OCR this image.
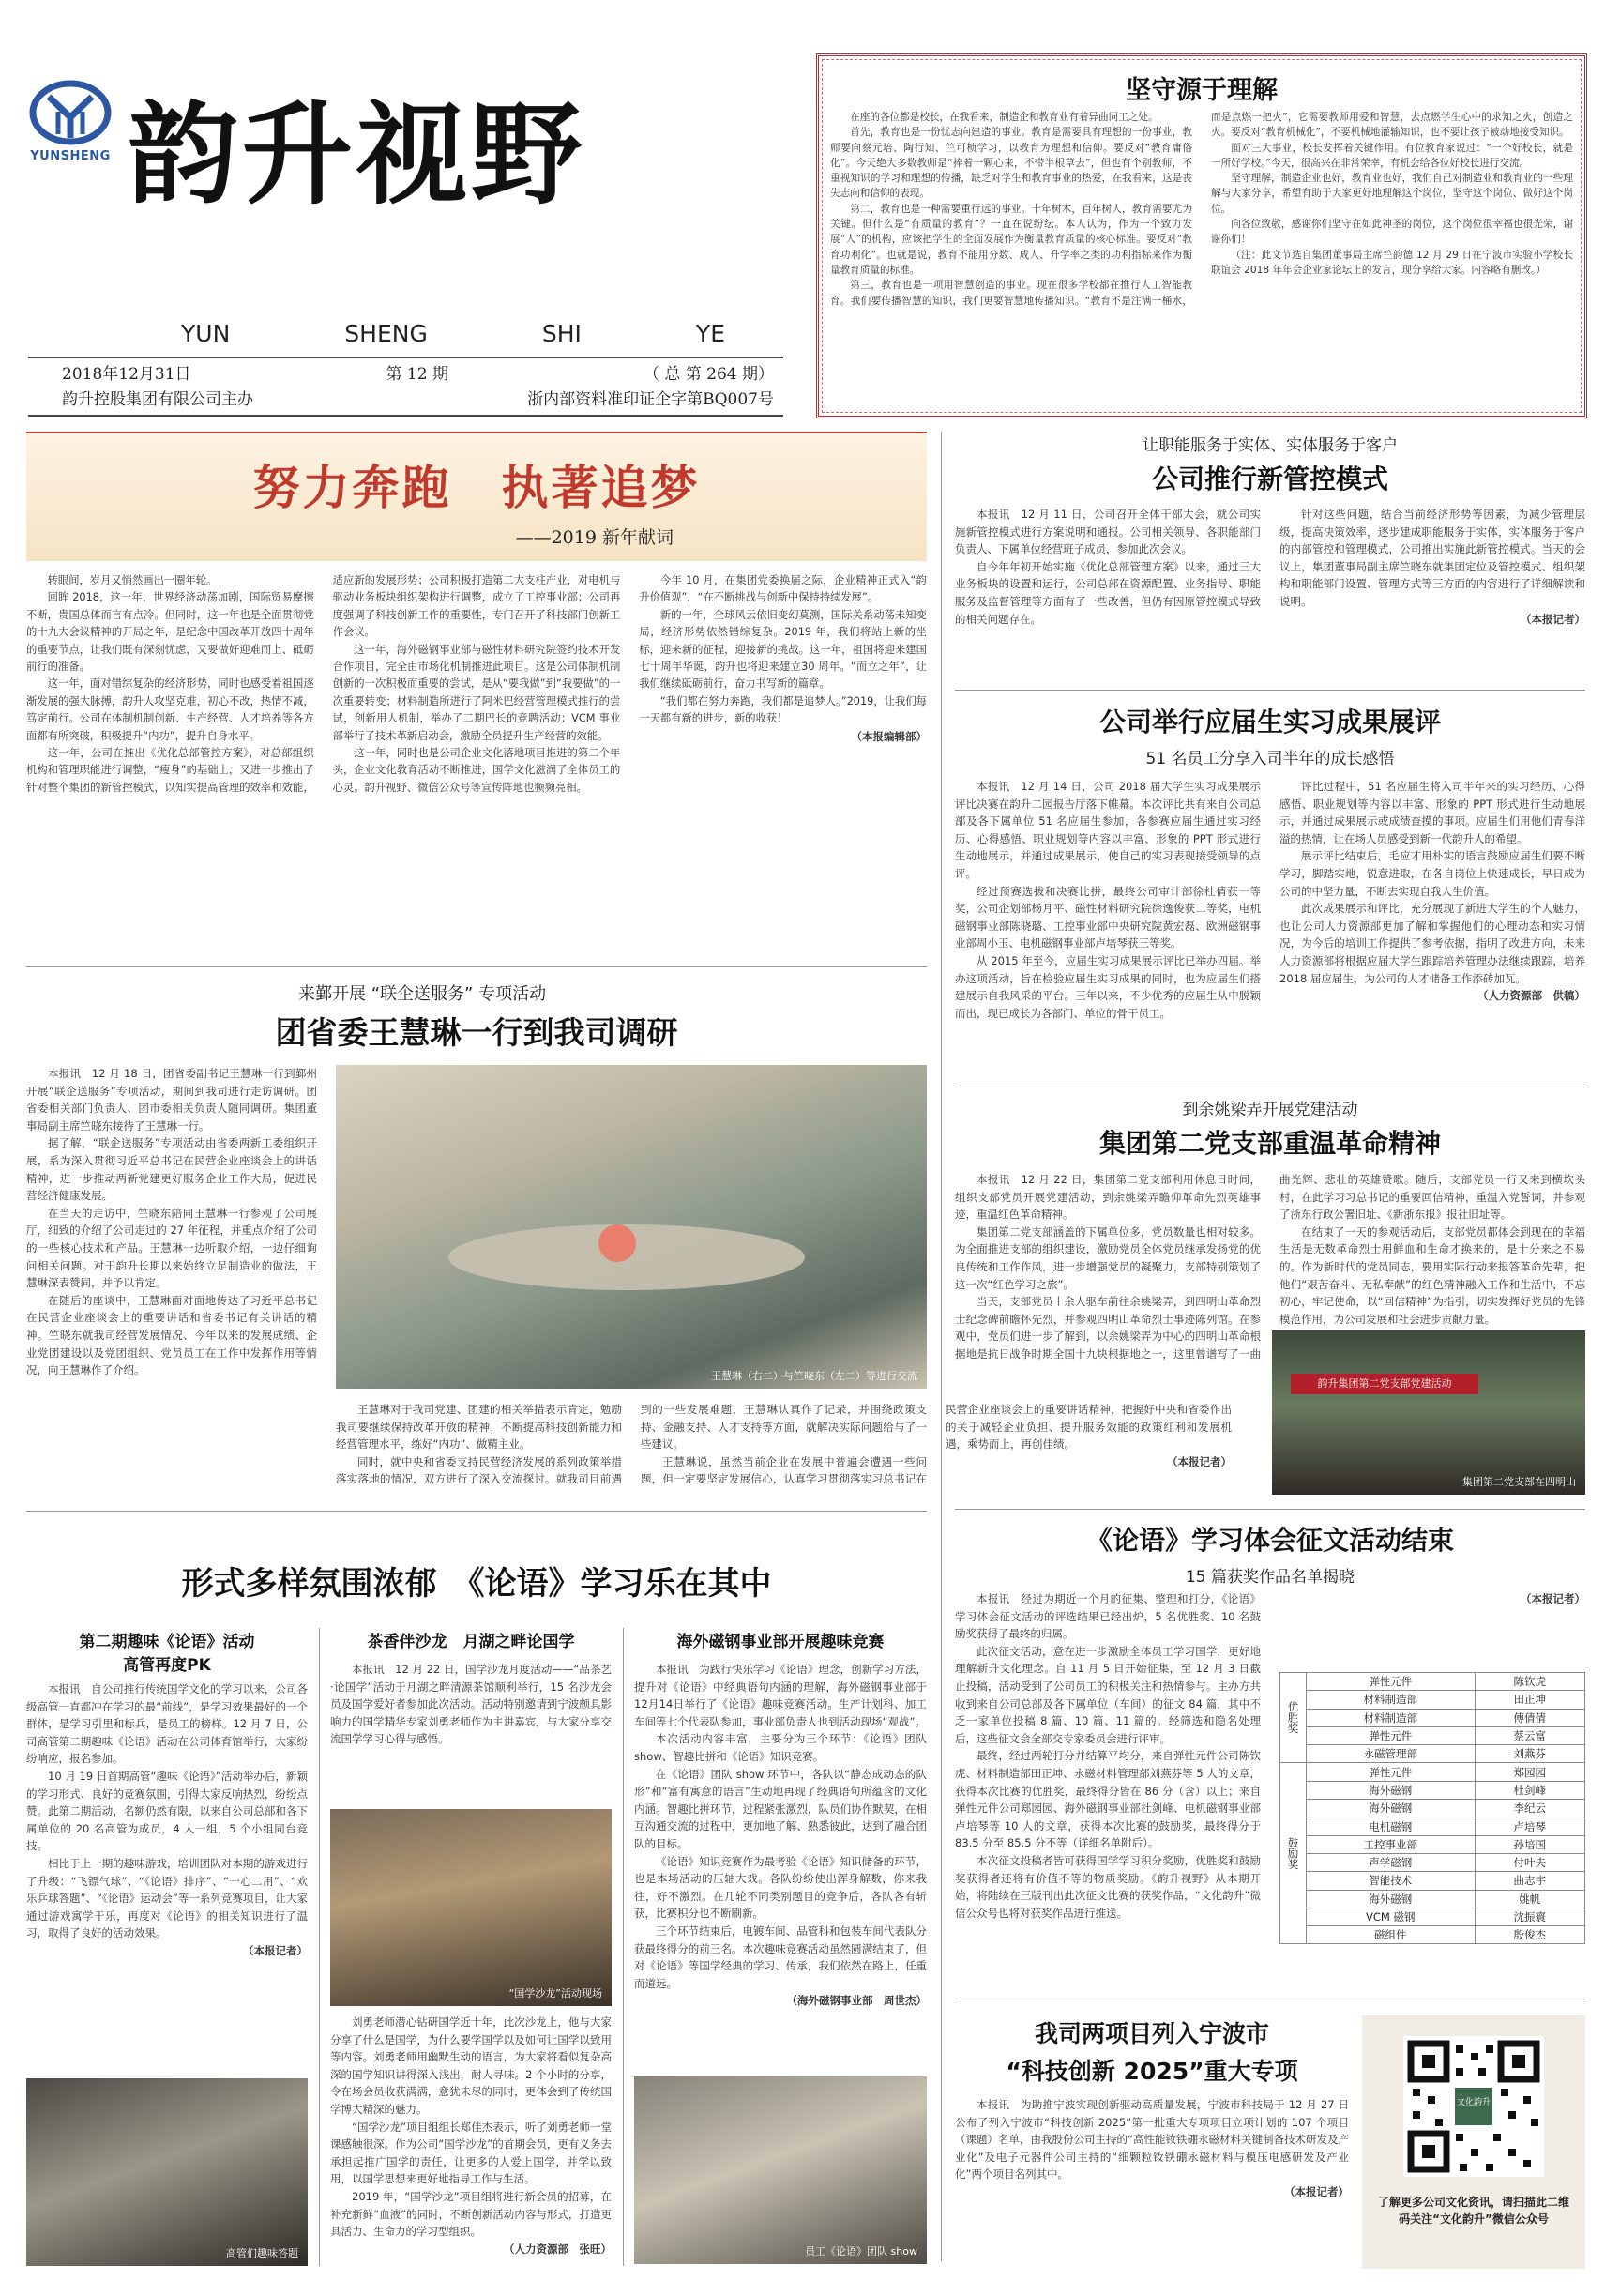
YUNSHENG 韵升视野
YUN	SHENG	SHI	YE
2018年12月31日	第 12 期	（ 总 第 264 期）
韵升控股集团有限公司主办	浙内部资料准印证企字第BQ007号
坚守源于理解

在座的各位都是校长，在我看来，制造企和教育业有着异曲同工之处。

首先，教育也是一份忧志向建造的事业。教育是需要具有理想的一份事业，教师要向蔡元培、陶行知、竺可桢学习，以教育为理想和信仰。要反对“教育庸俗化”。今天绝大多数教师是“捧着一颗心来，不带半根草去”，但也有个别教师，不重视知识的学习和理想的传播，缺乏对学生和教育事业的热爱，在我看来，这是丧失志向和信仰的表现。

第二，教育也是一种需要重行远的事业。十年树木，百年树人，教育需要尤为关键。但什么是“有质量的教育”？一直在说纷纭。本人认为，作为一个致力发展“人”的机构，应该把学生的全面发展作为衡量教育质量的核心标准。要反对“教育功利化”。也就是说，教育不能用分数、成人、升学率之类的功利指标来作为衡量教育质量的标准。

第三，教育也是一项用智慧创造的事业。现在很多学校都在推行人工智能教育。我们要传播智慧的知识，我们更要智慧地传播知识。“教育不是注满一桶水，而是点燃一把火”，它需要教师用爱和智慧，去点燃学生心中的求知之火，创造之火。要反对“教育机械化”，不要机械地灌输知识，也不要让孩子被动地接受知识。

面对三大事业，校长发挥着关键作用。有位教育家说过：“一个好校长，就是一所好学校。”今天，很高兴在非常荣幸，有机会给各位好校长进行交流。

坚守理解，制造企业也好，教育业也好，我们自己对制造业和教育业的一些理解与大家分享，希望有助于大家更好地理解这个岗位，坚守这个岗位、做好这个岗位。

向各位致敬，感谢你们坚守在如此神圣的岗位，这个岗位很幸福也很光荣，谢谢你们！

（注：此文节选自集团董事局主席竺韵德 12 月 29 日在宁波市实验小学校长联谊会 2018 年年会企业家论坛上的发言，现分享给大家。内容略有删改。）

努力奔跑　执著追梦
——2019 新年献词

转眼间，岁月又悄然画出一圈年轮。

回眸 2018，这一年，世界经济动荡加剧，国际贸易摩擦不断，贵国总体而言有点冷。但同时，这一年也是全面贯彻党的十九大会议精神的开局之年，是纪念中国改革开放四十周年的重要节点，让我们既有深刻忧虑，又要做好迎难而上、砥砺前行的准备。

这一年，面对错综复杂的经济形势，同时也感受着祖国逐渐发展的强大脉搏，韵升人攻坚克难，初心不改，热情不减，笃定前行。公司在体制机制创新、生产经营、人才培养等各方面都有所突破，积极提升“内功”，提升自身水平。

这一年，公司在推出《优化总部管控方案》，对总部组织机构和管理职能进行调整，“瘦身”的基础上，又进一步推出了针对整个集团的新管控模式，以知实提高管理的效率和效能，适应新的发展形势；公司积极打造第二大支柱产业，对电机与驱动业务板块组织架构进行调整，成立了工控事业部；公司再度强调了科技创新工作的重要性，专门召开了科技部门创新工作会议。

这一年，海外磁钢事业部与磁性材料研究院签约技术开发合作项目，完全由市场化机制推进此项目。这是公司体制机制创新的一次积极而重要的尝试，是从“要我做”到“我要做”的一次重要转变；材料制造所进行了阿米巴经营管理模式推行的尝试，创新用人机制，举办了二期巴长的竞聘活动；VCM 事业部举行了技术革新启动会，激励全员提升生产经营的效能。

这一年，同时也是公司企业文化落地项目推进的第二个年头，企业文化教育活动不断推进，国学文化滋润了全体员工的心灵。韵升视野、微信公众号等宣传阵地也频频亮相。

今年 10 月，在集团党委换届之际，企业精神正式入“韵升价值观”，“在不断挑战与创新中保持持续发展”。

新的一年，全球风云依旧变幻莫测，国际关系动荡未知变局，经济形势依然错综复杂。2019 年，我们将站上新的坐标，迎来新的征程，迎接新的挑战。这一年，祖国将迎来建国七十周年华诞，韵升也将迎来建立30 周年。“而立之年”，让我们继续砥砺前行，奋力书写新的篇章。

“我们都在努力奔跑，我们都是追梦人。”2019，让我们每一天都有新的进步，新的收获！

（本报编辑部）
让职能服务于实体、实体服务于客户
公司推行新管控模式

本报讯　12 月 11 日，公司召开全体干部大会，就公司实施新管控模式进行方案说明和通报。公司相关领导、各职能部门负责人、下属单位经营班子成员，参加此次会议。

自今年年初开始实施《优化总部管理方案》以来，通过三大业务板块的设置和运行，公司总部在资源配置、业务指导、职能服务及监督管理等方面有了一些改善，但仍有因原管控模式导致的相关问题存在。

针对这些问题，结合当前经济形势等因素，为减少管理层级，提高决策效率，逐步建成职能服务于实体，实体服务于客户的内部管控和管理模式，公司推出实施此新管控模式。当天的会议上，集团董事局副主席竺晓东就集团定位及管控模式、组织架构和职能部门设置、管理方式等三方面的内容进行了详细解读和说明。

（本报记者）
公司举行应届生实习成果展评
51 名员工分享入司半年的成长感悟

本报讯　12 月 14 日，公司 2018 届大学生实习成果展示评比决赛在韵升二园报告厅落下帷幕。本次评比共有来自公司总部及各下属单位 51 名应届生参加，各参赛应届生通过实习经历、心得感悟、职业规划等内容以丰富、形象的 PPT 形式进行生动地展示，并通过成果展示，使自己的实习表现接受领导的点评。

经过预赛选拔和决赛比拼，最终公司审计部徐杜倩获一等奖，公司企划部杨月平、磁性材料研究院徐逸俊获二等奖，电机磁钢事业部陈晓璐、工控事业部中央研究院黄宏磊、欧洲磁钢事业部周小玉、电机磁钢事业部卢培琴获三等奖。

从 2015 年至今，应届生实习成果展示评比已举办四届。举办这项活动，旨在检验应届生实习成果的同时，也为应届生们搭建展示自我风采的平台。三年以来，不少优秀的应届生从中脱颖而出，现已成长为各部门、单位的骨干员工。

评比过程中，51 名应届生将入司半年来的实习经历、心得感悟、职业规划等内容以丰富、形象的 PPT 形式进行生动地展示，并通过成果展示或成绩查摸的事项。应届生们用他们青春洋溢的热情，让在场人员感受到新一代韵升人的希望。

展示评比结束后，毛应才用朴实的语言鼓励应届生们要不断学习，脚踏实地，锐意进取，在各自岗位上快速成长，早日成为公司的中坚力量，不断去实现自我人生价值。

此次成果展示和评比，充分展现了新进大学生的个人魅力，也让公司人力资源部更加了解和掌握他们的心理动态和实习情况，为今后的培训工作提供了参考依据，指明了改进方向，未来人力资源部将根据应届大学生跟踪培养管理办法继续跟踪，培养 2018 届应届生，为公司的人才储备工作添砖加瓦。

（人力资源部　供稿）
来鄞开展 “联企送服务” 专项活动
团省委王慧琳一行到我司调研
王慧琳（右二）与竺晓东（左二）等进行交流

本报讯　12 月 18 日，团省委副书记王慧琳一行到鄞州开展“联企送服务”专项活动，期间到我司进行走访调研。团省委相关部门负责人、团市委相关负责人随同调研。集团董事局副主席竺晓东接待了王慧琳一行。

据了解，“联企送服务”专项活动由省委两新工委组织开展，系为深入贯彻习近平总书记在民营企业座谈会上的讲话精神，进一步推动两新党建更好服务企业工作大局，促进民营经济健康发展。

在当天的走访中，竺晓东陪同王慧琳一行参观了公司展厅，细致的介绍了公司走过的 27 年征程，并重点介绍了公司的一些核心技术和产品。王慧琳一边听取介绍，一边仔细询问相关问题。对于韵升长期以来始终立足制造业的做法，王慧琳深表赞同，并予以肯定。

在随后的座谈中，王慧琳面对面地传达了习近平总书记在民营企业座谈会上的重要讲话和省委书记有关讲话的精神。竺晓东就我司经营发展情况、今年以来的发展成绩、企业党团建设以及党团组织、党员员工在工作中发挥作用等情况，向王慧琳作了介绍。

王慧琳对于我司党建、团建的相关举措表示肯定，勉励我司要继续保持改革开放的精神，不断提高科技创新能力和经营管理水平，练好“内功”、做精主业。

同时，就中央和省委支持民营经济发展的系列政策举措落实落地的情况，双方进行了深入交流探讨。就我司目前遇到的一些发展难题，王慧琳认真作了记录，并围绕政策支持、金融支持、人才支持等方面，就解决实际问题给与了一些建议。

王慧琳说，虽然当前企业在发展中普遍会遭遇一些问题，但一定要坚定发展信心，认真学习贯彻落实习总书记在民营企业座谈会上的重要讲话精神，把握好中央和省委作出的关于减轻企业负担、提升服务效能的政策红利和发展机遇，乘势而上，再创佳绩。

（本报记者）
到余姚梁弄开展党建活动
集团第二党支部重温革命精神

本报讯　12 月 22 日，集团第二党支部利用休息日时间，组织支部党员开展党建活动，到余姚梁弄瞻仰革命先烈英雄事迹，重温红色革命精神。

集团第二党支部涵盖的下属单位多，党员数量也相对较多。为全面推进支部的组织建设，激励党员全体党员继承发扬党的优良传统和工作作风，进一步增强党员的凝聚力，支部特别策划了这一次“红色学习之旅”。

当天，支部党员十余人驱车前往余姚梁弄，到四明山革命烈士纪念碑前瞻怀先烈，并参观四明山革命烈士事迹陈列馆。在参观中，党员们进一步了解到，以余姚梁弄为中心的四明山革命根据地是抗日战争时期全国十九块根据地之一，这里曾谱写了一曲曲光辉、悲壮的英雄赞歌。随后，支部党员一行又来到横坎头村，在此学习习总书记的重要回信精神，重温入党誓词，并参观了浙东行政公署旧址、《新浙东报》报社旧址等。

在结束了一天的参观活动后，支部党员都体会到现在的幸福生活是无数革命烈士用鲜血和生命才换来的，是十分来之不易的。作为新时代的党员同志，要用实际行动来报答革命先辈，把他们“艰苦奋斗、无私奉献”的红色精神融入工作和生活中，不忘初心，牢记使命，以“回信精神”为指引，切实发挥好党员的先锋模范作用，为公司发展和社会进步贡献力量。

韵升集团第二党支部党建活动
集团第二党支部在四明山
形式多样氛围浓郁　《论语》学习乐在其中
第二期趣味《论语》活动
高管再度PK

本报讯　自公司推行传统国学文化的学习以来，公司各级高管一直都冲在学习的最“前线”，是学习效果最好的一个群体，是学习引里和标兵，是员工的榜样。12 月 7 日，公司高管第二期趣味《论语》活动在公司体育馆举行，大家纷纷响应，报名参加。

10 月 19 日首期高管“趣味《论语》”活动举办后，新颖的学习形式、良好的竞赛氛围，引得大家反响热烈，纷纷点赞。此第二期活动，名额仍然有限，以来自公司总部和各下属单位的 20 名高管为成员，4 人一组，5 个小组同台竞技。

相比于上一期的趣味游戏，培训团队对本期的游戏进行了升级：“飞镖气球”、“《论语》排序”、“一心二用”、“欢乐乒球答题”、“《论语》运动会”等一系列竞赛项目，让大家通过游戏寓学于乐，再度对《论语》的相关知识进行了温习，取得了良好的活动效果。

（本报记者）
高管们趣味答题
茶香伴沙龙　月湖之畔论国学

本报讯　12 月 22 日，国学沙龙月度活动——“品茶艺·论国学”活动于月湖之畔清源茶馆顺利举行，15 名沙龙会员及国学爱好者参加此次活动。活动特别邀请到宁波颇具影响力的国学精华专家刘勇老师作为主讲嘉宾，与大家分享交流国学学习心得与感悟。

“国学沙龙”活动现场

刘勇老师潜心钻研国学近十年，此次沙龙上，他与大家分享了什么是国学，为什么要学国学以及如何让国学以致用等内容。刘勇老师用幽默生动的语言，为大家将看似复杂高深的国学知识讲得深入浅出，耐人寻味。2 个小时的分享，令在场会员收获满满，意犹未尽的同时，更体会到了传统国学博大精深的魅力。

“国学沙龙”项目组组长郑佳杰表示，听了刘勇老师一堂课感触很深。作为公司“国学沙龙”的首期会员，更有义务去承担起推广国学的责任，让更多的人爱上国学，并学以致用，以国学思想来更好地指导工作与生活。

2019 年，“国学沙龙”项目组将进行新会员的招募，在补充新鲜“血液”的同时，不断创新活动内容与形式，打造更具活力、生命力的学习型组织。

（人力资源部　张旺）
海外磁钢事业部开展趣味竞赛

本报讯　为践行快乐学习《论语》理念，创新学习方法，提升对《论语》中经典语句内涵的理解，海外磁钢事业部于12月14日举行了《论语》趣味竞赛活动。生产计划科、加工车间等七个代表队参加，事业部负责人也到活动现场“观战”。

本次活动内容丰富，主要分为三个环节：《论语》团队 show、智趣比拼和《论语》知识竞赛。

在《论语》团队 show 环节中，各队以“静态成动态的队形”和“富有寓意的语言”生动地再现了经典语句所蕴含的文化内涵。智趣比拼环节，过程紧张激烈，队员们协作默契，在相互沟通交流的过程中，更加地了解、熟悉彼此，达到了融合团队的目标。

《论语》知识竞赛作为最考验《论语》知识储备的环节，也是本场活动的压轴大戏。各队纷纷使出浑身解数，你来我往，好不激烈。在几轮不同类别题目的竞争后，各队各有斩获，比赛积分也不断刷新。

三个环节结束后，电镀车间、品管科和包装车间代表队分获最终得分的前三名。本次趣味竞赛活动虽然圆满结束了，但对《论语》等国学经典的学习、传承，我们依然在路上，任重而道远。

（海外磁钢事业部　周世杰）
员工《论语》团队 show
《论语》学习体会征文活动结束
15 篇获奖作品名单揭晓

本报讯　经过为期近一个月的征集、整理和打分，《论语》学习体会征文活动的评选结果已经出炉，5 名优胜奖、10 名鼓励奖获得了最终的归属。

此次征文活动，意在进一步激励全体员工学习国学，更好地理解新升文化理念。自 11 月 5 日开始征集，至 12 月 3 日截止投稿，活动受到了公司员工的积极关注和热情参与。主办方共收到来自公司总部及各下属单位（车间）的征文 84 篇，其中不乏一家单位投稿 8 篇、10 篇、11 篇的。经筛选和隐名处理后，这些征文会全部交专家委员会进行评审。

最终，经过两轮打分并结算平均分，来自弹性元件公司陈钦虎、材料制造部田正坤、永磁材料管理部刘燕芬等 5 人的文章，获得本次比赛的优胜奖，最终得分皆在 86 分（含）以上；来自弹性元件公司郑园园、海外磁钢事业部杜剑峰、电机磁钢事业部卢培琴等 10 人的文章，获得本次比赛的鼓励奖，最终得分于 83.5 分至 85.5 分不等（详细名单附后）。

本次征文投稿者皆可获得国学学习积分奖励，优胜奖和鼓励奖获得者还将有价值不等的物质奖励。《韵升视野》从本期开始，将陆续在三版刊出此次征文比赛的获奖作品，“文化韵升”微信公众号也将对获奖作品进行推送。

（本报记者）
优胜奖	弹性元件	陈钦虎
	材料制造部	田正坤
	材料制造部	傅倩倩
	弹性元件	蔡云富
	永磁管理部	刘燕芬
鼓励奖	弹性元件	郑园园
	海外磁钢	杜剑峰
	海外磁钢	李纪云
	电机磁钢	卢培琴
	工控事业部	孙培国
	声学磁钢	付叶夫
	智能技术	曲志宇
	海外磁钢	姚帆
	VCM 磁钢	沈振寰
	磁组件	殷俊杰
我司两项目列入宁波市
“科技创新 2025”重大专项

本报讯　为助推宁波实现创新驱动高质量发展，宁波市科技局于 12 月 27 日公布了列入宁波市“科技创新 2025”第一批重大专项项目立项计划的 107 个项目（课题）名单，由我股份公司主持的“高性能钕铁硼永磁材料关键制备技术研发及产业化”及电子元器件公司主持的“细颗粒钕铁硼永磁材料与模压电感研发及产业化”两个项目名列其中。

（本报记者）
文化韵升
了解更多公司文化资讯，请扫描此二维码关注“文化韵升”微信公众号
